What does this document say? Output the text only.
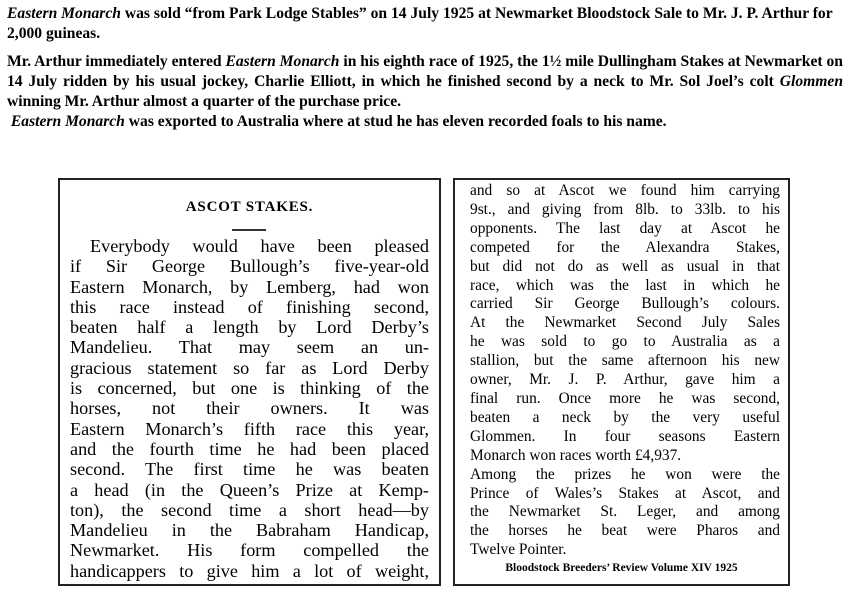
Eastern Monarch was sold “from Park Lodge Stables” on 14 July 1925 at Newmarket Bloodstock Sale to Mr. J. P. Arthur for 2,000 guineas.

Mr. Arthur immediately entered Eastern Monarch in his eighth race of 1925, the 1½ mile Dullingham Stakes at Newmarket on 14 July ridden by his usual jockey, Charlie Elliott, in which he finished second by a neck to Mr. Sol Joel’s colt Glommen winning Mr. Arthur almost a quarter of the purchase price.

Eastern Monarch was exported to Australia where at stud he has eleven recorded foals to his name.

ASCOT STAKES.
Everybody would have been pleased
if Sir George Bullough’s five-year-old
Eastern Monarch, by Lemberg, had won
this race instead of finishing second,
beaten half a length by Lord Derby’s
Mandelieu. That may seem an un-
gracious statement so far as Lord Derby
is concerned, but one is thinking of the
horses, not their owners. It was
Eastern Monarch’s fifth race this year,
and the fourth time he had been placed
second. The first time he was beaten
a head (in the Queen’s Prize at Kemp-
ton), the second time a short head—by
Mandelieu in the Babraham Handicap,
Newmarket. His form compelled the
handicappers to give him a lot of weight,
and so at Ascot we found him carrying
9st., and giving from 8lb. to 33lb. to his
opponents. The last day at Ascot he
competed for the Alexandra Stakes,
but did not do as well as usual in that
race, which was the last in which he
carried Sir George Bullough’s colours.
At the Newmarket Second July Sales
he was sold to go to Australia as a
stallion, but the same afternoon his new
owner, Mr. J. P. Arthur, gave him a
final run. Once more he was second,
beaten a neck by the very useful
Glommen. In four seasons Eastern
Monarch won races worth £4,937.
Among the prizes he won were the
Prince of Wales’s Stakes at Ascot, and
the Newmarket St. Leger, and among
the horses he beat were Pharos and
Twelve Pointer.
Bloodstock Breeders’ Review Volume XIV 1925
